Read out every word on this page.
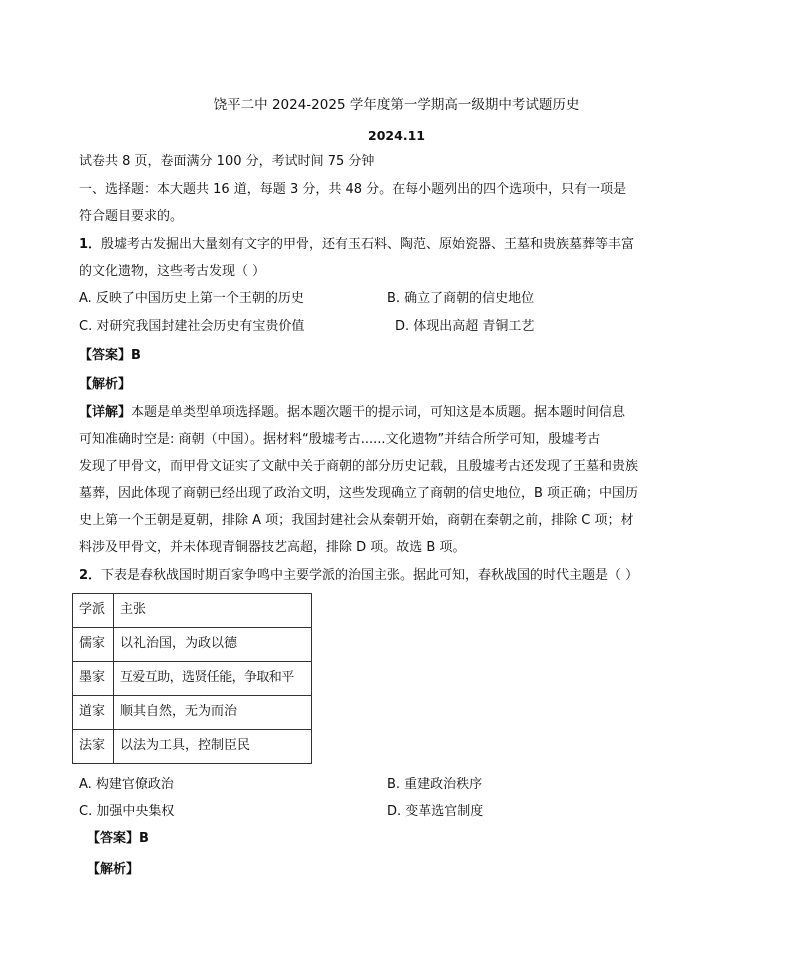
饶平二中 2024-2025 学年度第一学期高一级期中考试题历史
2024.11
试卷共 8 页，卷面满分 100 分，考试时间 75 分钟
一、选择题：本大题共 16 道，每题 3 分，共 48 分。在每小题列出的四个选项中，只有一项是
符合题目要求的。
1．殷墟考古发掘出大量刻有文字的甲骨，还有玉石料、陶范、原始瓷器、王墓和贵族墓葬等丰富
的文化遗物，这些考古发现（ ）
A. 反映了中国历史上第一个王朝的历史	B. 确立了商朝的信史地位
C. 对研究我国封建社会历史有宝贵价值	D. 体现出高超 青铜工艺
【答案】B
【解析】
【详解】本题是单类型单项选择题。据本题次题干的提示词，可知这是本质题。据本题时间信息
可知准确时空是: 商朝（中国）。据材料“殷墟考古......文化遗物”并结合所学可知，殷墟考古
发现了甲骨文，而甲骨文证实了文献中关于商朝的部分历史记载，且殷墟考古还发现了王墓和贵族
墓葬，因此体现了商朝已经出现了政治文明，这些发现确立了商朝的信史地位，B 项正确；中国历
史上第一个王朝是夏朝，排除 A 项；我国封建社会从秦朝开始，商朝在秦朝之前，排除 C 项；材
料涉及甲骨文，并未体现青铜器技艺高超，排除 D 项。故选 B 项。
2．下表是春秋战国时期百家争鸣中主要学派的治国主张。据此可知，春秋战国的时代主题是（ ）
学派	主张
儒家	以礼治国，为政以德
墨家	互爱互助，选贤任能，争取和平
道家	顺其自然，无为而治
法家	以法为工具，控制臣民
A. 构建官僚政治	B. 重建政治秩序
C. 加强中央集权	D. 变革选官制度
【答案】B
【解析】
